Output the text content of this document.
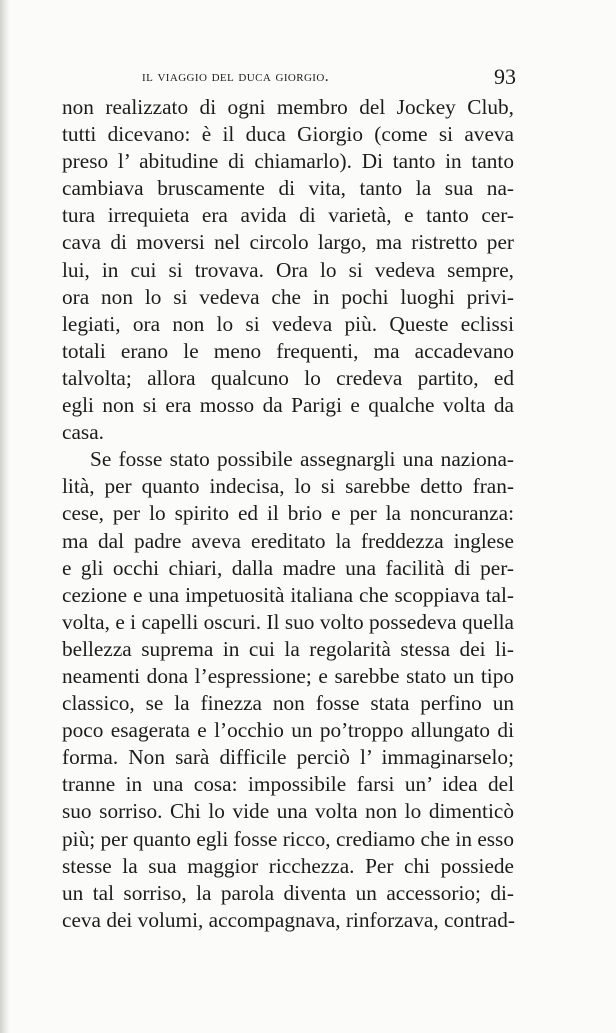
il viaggio del duca giorgio.	93
non realizzato di ogni membro del Jockey Club,
tutti dicevano: è il duca Giorgio (come si aveva
preso l’ abitudine di chiamarlo). Di tanto in tanto
cambiava bruscamente di vita, tanto la sua na-
tura irrequieta era avida di varietà, e tanto cer-
cava di moversi nel circolo largo, ma ristretto per
lui, in cui si trovava. Ora lo si vedeva sempre,
ora non lo si vedeva che in pochi luoghi privi-
legiati, ora non lo si vedeva più. Queste eclissi
totali erano le meno frequenti, ma accadevano
talvolta; allora qualcuno lo credeva partito, ed
egli non si era mosso da Parigi e qualche volta da
casa.
Se fosse stato possibile assegnargli una naziona-
lità, per quanto indecisa, lo si sarebbe detto fran-
cese, per lo spirito ed il brio e per la noncuranza:
ma dal padre aveva ereditato la freddezza inglese
e gli occhi chiari, dalla madre una facilità di per-
cezione e una impetuosità italiana che scoppiava tal-
volta, e i capelli oscuri. Il suo volto possedeva quella
bellezza suprema in cui la regolarità stessa dei li-
neamenti dona l’espressione; e sarebbe stato un tipo
classico, se la finezza non fosse stata perfino un
poco esagerata e l’occhio un po’troppo allungato di
forma. Non sarà difficile perciò l’ immaginarselo;
tranne in una cosa: impossibile farsi un’ idea del
suo sorriso. Chi lo vide una volta non lo dimenticò
più; per quanto egli fosse ricco, crediamo che in esso
stesse la sua maggior ricchezza. Per chi possiede
un tal sorriso, la parola diventa un accessorio; di-
ceva dei volumi, accompagnava, rinforzava, contrad-
